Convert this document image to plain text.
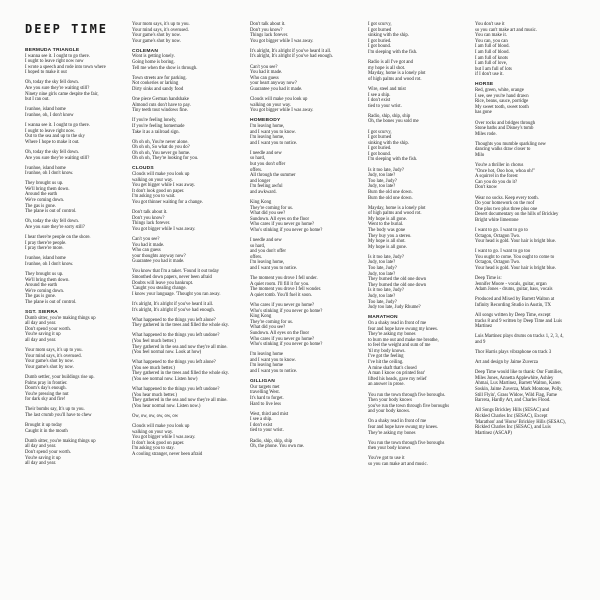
DEEP TIME
BERMUDA TRIANGLE
I wanna see it. I ought to go there.
I ought to leave right now now
I wrote a speech and rode into town where
I hoped to make it out
Oh, today the sky fell down.
Are you sure they're waiting still?
Ninety nine girls came despite the fair,
but I ran out.
Ivanhoe, island home
Ivanhoe, oh, I don't know
I wanna see it. I ought to go there.
I ought to leave right now.
Out to the sea and up to the sky
Where I hope to make it out.
Oh, today the sky fell down.
Are you sure they're waiting still?
Ivanhoe, island home
Ivanhoe, oh I don't know.
They brought us up.
We'll bring them down.
Around the earth
We're coming down.
The gas is gone.
The plane is out of control.
Oh, today the sky fell down.
Are you sure they're sorry still?
I hear there're people on the shore.
I pray there're people.
I pray there're more.
Ivanhoe, island home
Ivanhoe, oh I don't know.
They brought us up.
We'll bring them down.
Around the earth
We're coming down.
The gas is gone.
The plane is out of control.
SGT. SIERRA
Dumb sitter, you're making things up
all day and year.
Don't spend your worth.
You're saving it up
all day and year.
Your mom says, it's up to you.
Your mind says, it's overused.
Your game's shot by now.
Your game's shot by now.
Dumb settler, your buildings rise up.
Palms pray in frontier.
Doom's day's enough.
You're pressing the nut
for dark sky and fire!
Their bombs say, It's up to you.
The last crumb you'll have to chew
Brought it up today
Caught it in the mouth
Dumb sitter, you're making things up
all day and year.
Don't spend your worth.
You're saving it up
all day and year.
Your mom says, it's up to you.
Your mind says, it's overused.
Your game's shot by now.
Your game's shot by now.
COLEMAN
Wont is getting lonely.
Going home is boring.
Tell me when the show is through.
Town streets are for parking.
Not cookeries or larking
Dirty sinks and sandy food
One piece German handshake
Almond cuts don't have to pay.
Tiny teeth tout windows fine.
If you're feeling lonely,
If you're feeling homemade
Take it as a railroad sign.
Oh oh oh, You're never alone.
Oh oh oh, So what do you do?
Oh oh oh, You never go home.
Oh oh oh, They're looking for you.
CLOUDS
Clouds will make you look up
walking on your way.
You get bigger while I was away.
It don't look good on paper.
I'm asking you to wait.
You got thinner waiting for a change.
Don't talk about it.
Don't you know?
Things lack forever.
You got bigger while I was away.
Can't you see?
You had it made.
Who can guess
your thoughts anyway now?
Guarantee you had it made.
You know that I'm a taker. 'Found it out today
Smoothed down papers, never been afraid
Doubts will leave you bankrupt.
'Caught you stealing change.
I know your language. 'Thought you ran away.
It's alright, It's alright if you've heard it all.
It's alright, It's alright if you've had enough.
What happened to the things you left alone?
They gathered in the trees and filled the whole sky.
What happened to the things you left undone?
(You feel much better.)
They gathered in the sea and now they're all mine.
(You feel normal now. Look at how)
What happened to the things you left alone?
(You see much better.)
They gathered in the trees and filled the whole sky.
(You see normal now. Listen how)
What happened to the things you left undone?
(You hear much better.)
They gathered in the sea and now they're all mine.
(You hear normal now. Listen now.)
Ow, ow, ow, ow, ow, ow
Clouds will make you look up
walking on your way.
You got bigger while I was away.
It don't look good on paper.
I'm asking you to stay.
A cooling stranger, never been afraid
Don't talk about it.
Don't you know?
Things lack forever.
You got bigger while I was away.
It's alright, It's alright if you've heard it all.
It's alright, It's alright if you've had enough.
Can't you see?
You had it made.
Who can guess
your heart anyway now?
Guarantee you had it made.
Clouds will make you look up
walking on your way.
You got bigger while I was away.
HOMEBODY
I'm leaving home,
and I want you to know.
I'm leaving home,
and I want you to notice.
I needle and sew
so hard,
but you don't offer
offers.
All through the summer
and longer
I'm feeling awful
and awkward.
King Kong
They're coming for us.
What did you see?
Sundown. All eyes on the floor
Who cares if you never go home?
Who's stinking if you never go home?
I needle and sew
so hard,
and you don't offer
offers.
I'm leaving home,
and I want you to notice.
The moment you drove I fell under.
A quiet room. I'll fill it for you.
The moment you drove I fell wonder.
A quiet tomb. You'll fuel it soon.
Who cares if you never go home?
Who's stinking if you never go home?
King Kong
They're coming for us.
What did you see?
Sundown. All eyes on the floor
Who cares if you never go home?
Who's stinking if you never go home?
I'm leaving home
and I want you to know.
I'm leaving home
and I want you to notice.
GILLIGAN
Our targets met
travelling West.
It's hard to forget.
Hard to live less
West, third and mist
I see a ship.
I don't exist
tied to your wrist.
Radio, ship, ship, ship
Oh, the phone. You own me.
I got scurvy,
I got burned
sinking with the ship.
I got buried.
I got bound.
I'm sleeping with the fish.
Radio is all I've got and
my hope is all shot.
Mayday, home is a lonely plot
of high palms and wood rot.
Wire, steel and mist
I see a ship.
I don't exist
tied to your wrist.
Radio, ship, ship, ship
Oh, the bones you sold me
I got scurvy,
I got burned
sinking with the ship.
I got buried.
I got bound.
I'm sleeping with the fish.
Is it too late, Judy?
Judy, too late?
Too late, Judy?
Judy, too late?
Burn the old one down.
Burn the old one down.
Mayday, home is a lonely plot
of high palms and wood rot.
My hope is all gone.
Went to the burial.
The body was gone
They buy you a stereo.
My hope is all shot.
My hope is all gone.
Is it too late, Judy?
Judy, too late?
Too late, Judy?
Judy, too late?
They burned the old one down
They burned the old one down
Is it too late, Judy?
Judy, too late?
Too late, Judy?
Judy too late, Judy Rhume?
MARATHON
On a shaky read in front of me
fear and hope have swung my knees.
They're asking my bones
to burn me out and make me breathe,
to feel the weight and sum of me
'til my body knows.
I've got the feeling
I've hit the ceiling.
A mine shaft that's closed
A man I know on printed fear'
lifted his heads, gave my relief
an answer in prose.
You run the town through five boroughs.
Then your body knows
you've run the town through five boroughs
and your body knows.
On a shaky read in front of me
fear and hope have swung my knees.
They're asking my bones
You run the town through five boroughs
then your body knows
You've got to use it
so you can make art and music.
You don't use it
so you can't make art and music.
You can make it.
You can, you can
I am full of blood.
I am full of blood.
I am full of knots
I am full of love,
but I am full of lots
if I don't use it.
HORSE
Red, green, white, orange
I see, see you're hand drawn
Rice, beans, sauce, porridge
My sweet tooth, sweet tooth
has gone
Over rocks and bridges through
Stone baths and Disney's tomb
Miles rode.
Thoughts you mumble sparkling new
dancing walks draw closer to
Milo
You're a thriller in chorus
"Once hot, Ooo hoo, whoa oh!"
A squirrel in the forest
Can you do you do it?
Don't know
Wear no socks. Keep every tooth.
Do your homework on the roof
One plus two plus three plus one
Desert documentary on the hills of Brickley
Bright white limestone
I want to go. I want to go to
Octagon, Octagon Two.
Your head is gold. Your hair is bright blue.
I want to go. I want to go too
You ought to come. You ought to come to
Octagon, Octagon Two.
Your head is gold. Your hair is bright blue.
Deep Time is:
Jennifer Moore - vocals, guitar, organ
Adam Jones - drums, guitar, bass, vocals
Produced and Mixed by Barrett Walton at
Infinity Recording Studio in Austin, TX
All songs written by Deep Time, except
tracks 8 and 9 written by Deep Time and Luis
Martinez
Luis Martinez plays drums on tracks 1, 2, 3, 4,
and 9
Thor Harris plays vibraphone on track 3
Art and design by Jaime Zuverza
Deep Time would like to thank: Our Families,
Miles Jones, Annetta Applewhite, Ashley
Ahmai, Lux Martinez, Barrett Walton, Karen
Soskin, Jaime Zuverza, Mark Montone, Polly,
Still Flyin', Grass Widow, Wild Flag, Fame
Barrera, Hardly Art, and Charles Flood.
All Songs Brickley Hills (SESAC) and
Rickled Charles Inc (SESAC), Except
'Marathon' and 'Horse' Brickley Hills (SESAC),
Rickled Charles Inc (SESAC), and Luis
Martinez (ASCAP)
